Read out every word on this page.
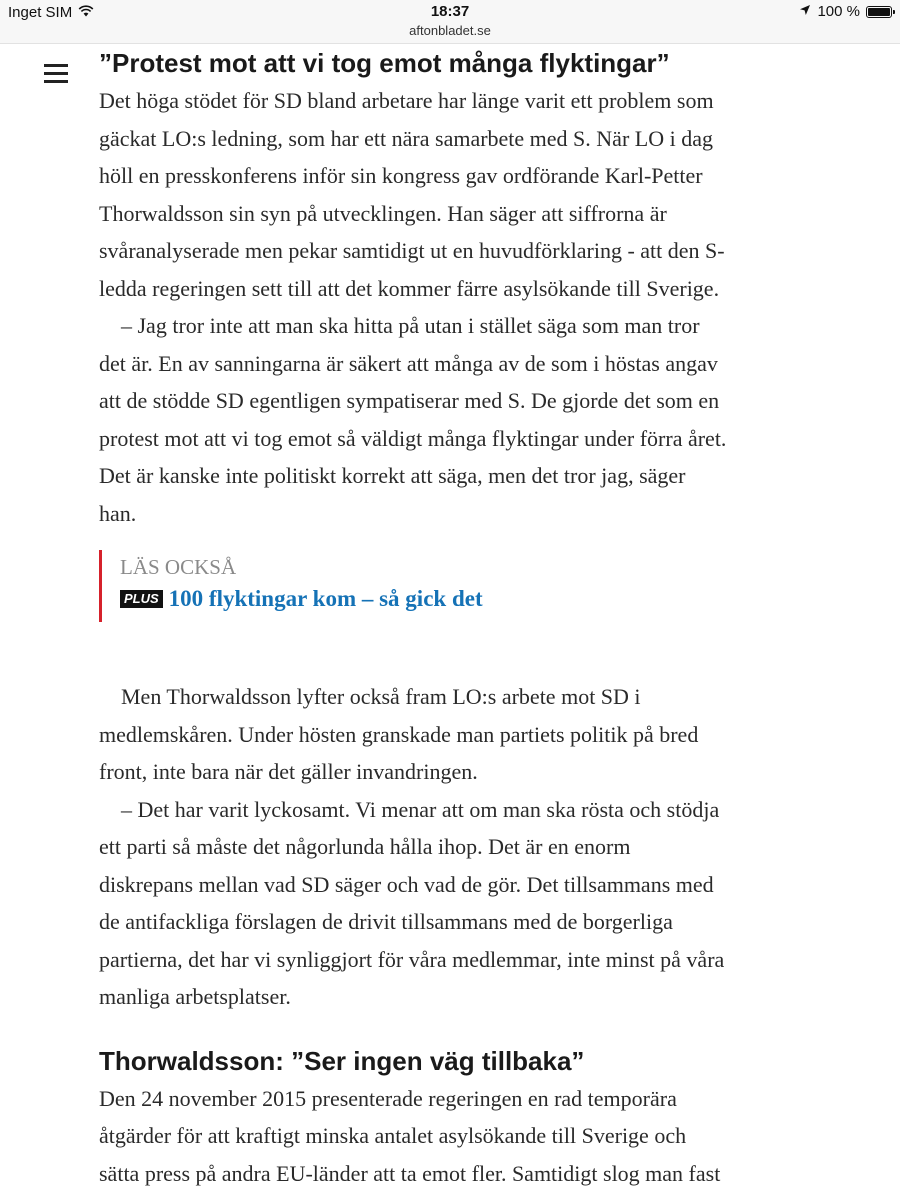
Inget SIM	18:37
aftonbladet.se
100 %
”Protest mot att vi tog emot många flyktingar”

Det höga stödet för SD bland arbetare har länge varit ett problem som
gäckat LO:s ledning, som har ett nära samarbete med S. När LO i dag
höll en presskonferens inför sin kongress gav ordförande Karl-Petter
Thorwaldsson sin syn på utvecklingen. Han säger att siffrorna är
svåranalyserade men pekar samtidigt ut en huvudförklaring - att den S-
ledda regeringen sett till att det kommer färre asylsökande till Sverige.

– Jag tror inte att man ska hitta på utan i stället säga som man tror
det är. En av sanningarna är säkert att många av de som i höstas angav
att de stödde SD egentligen sympatiserar med S. De gjorde det som en
protest mot att vi tog emot så väldigt många flyktingar under förra året.
Det är kanske inte politiskt korrekt att säga, men det tror jag, säger
han.

LÄS OCKSÅ
PLUS 100 flyktingar kom – så gick det

Men Thorwaldsson lyfter också fram LO:s arbete mot SD i
medlemskåren. Under hösten granskade man partiets politik på bred
front, inte bara när det gäller invandringen.

– Det har varit lyckosamt. Vi menar att om man ska rösta och stödja
ett parti så måste det någorlunda hålla ihop. Det är en enorm
diskrepans mellan vad SD säger och vad de gör. Det tillsammans med
de antifackliga förslagen de drivit tillsammans med de borgerliga
partierna, det har vi synliggjort för våra medlemmar, inte minst på våra
manliga arbetsplatser.

Thorwaldsson: ”Ser ingen väg tillbaka”

Den 24 november 2015 presenterade regeringen en rad temporära
åtgärder för att kraftigt minska antalet asylsökande till Sverige och
sätta press på andra EU-länder att ta emot fler. Samtidigt slog man fast
